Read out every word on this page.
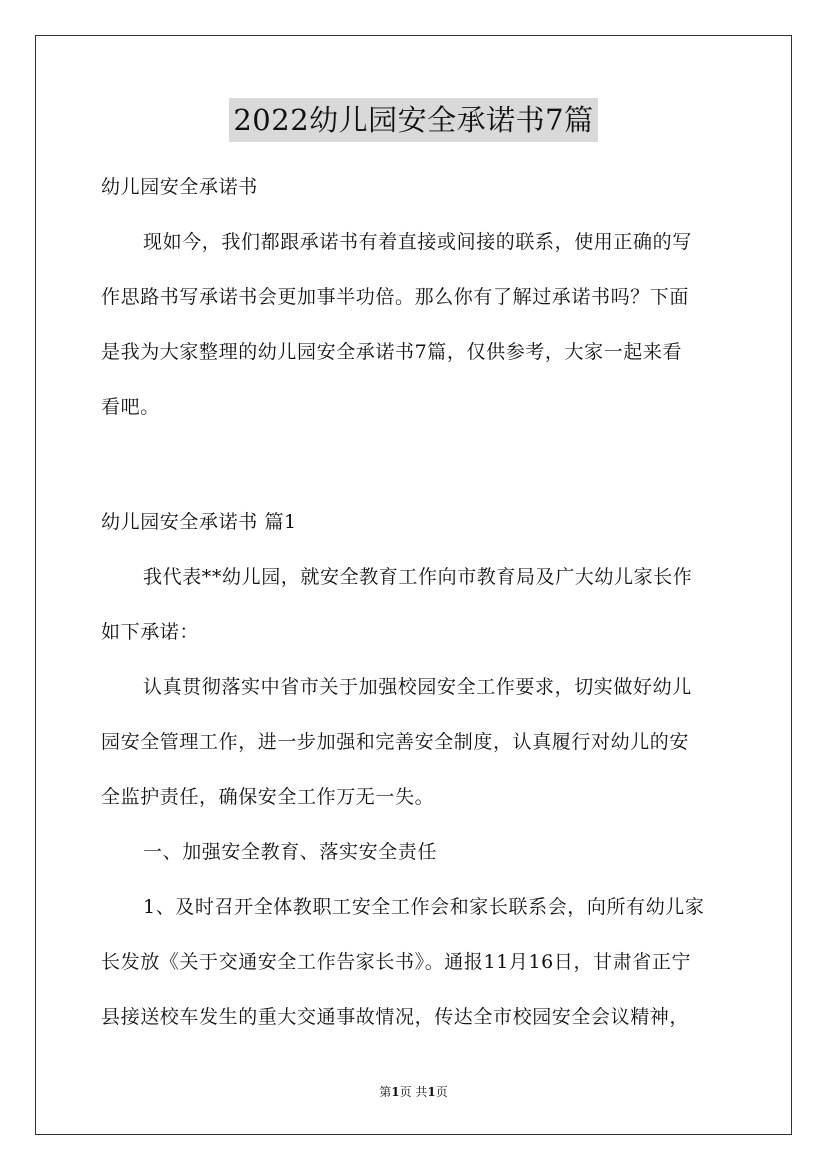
2022幼儿园安全承诺书7篇
幼儿园安全承诺书
现如今，我们都跟承诺书有着直接或间接的联系，使用正确的写
作思路书写承诺书会更加事半功倍。那么你有了解过承诺书吗？下面
是我为大家整理的幼儿园安全承诺书7篇，仅供参考，大家一起来看
看吧。
幼儿园安全承诺书 篇1
我代表**幼儿园，就安全教育工作向市教育局及广大幼儿家长作
如下承诺：
认真贯彻落实中省市关于加强校园安全工作要求，切实做好幼儿
园安全管理工作，进一步加强和完善安全制度，认真履行对幼儿的安
全监护责任，确保安全工作万无一失。
一、加强安全教育、落实安全责任
1、及时召开全体教职工安全工作会和家长联系会，向所有幼儿家
长发放《关于交通安全工作告家长书》。通报11月16日，甘肃省正宁
县接送校车发生的重大交通事故情况，传达全市校园安全会议精神，
第1页 共1页
